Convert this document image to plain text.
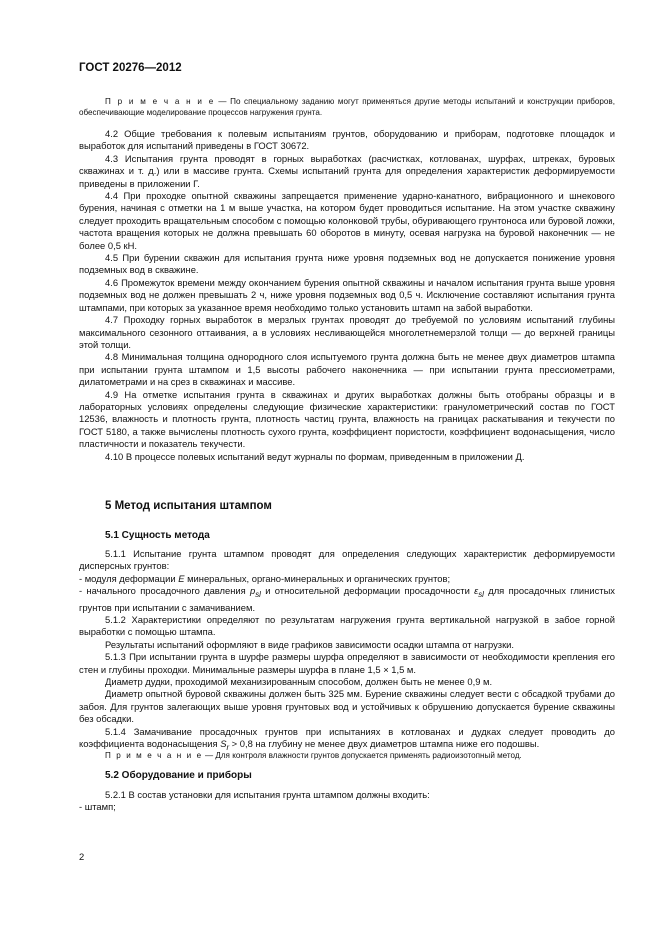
ГОСТ 20276—2012

П р и м е ч а н и е — По специальному заданию могут применяться другие методы испытаний и конструкции приборов, обеспечивающие моделирование процессов нагружения грунта.

4.2 Общие требования к полевым испытаниям грунтов, оборудованию и приборам, подготовке площадок и выработок для испытаний приведены в ГОСТ 30672.

4.3 Испытания грунта проводят в горных выработках (расчистках, котлованах, шурфах, штреках, буровых скважинах и т. д.) или в массиве грунта. Схемы испытаний грунта для определения характеристик деформируемости приведены в приложении Г.

4.4 При проходке опытной скважины запрещается применение ударно-канатного, вибрационного и шнекового бурения, начиная с отметки на 1 м выше участка, на котором будет проводиться испытание. На этом участке скважину следует проходить вращательным способом с помощью колонковой трубы, обуривающего грунтоноса или буровой ложки, частота вращения которых не должна превышать 60 оборотов в минуту, осевая нагрузка на буровой наконечник — не более 0,5 кН.

4.5 При бурении скважин для испытания грунта ниже уровня подземных вод не допускается понижение уровня подземных вод в скважине.

4.6 Промежуток времени между окончанием бурения опытной скважины и началом испытания грунта выше уровня подземных вод не должен превышать 2 ч, ниже уровня подземных вод 0,5 ч. Исключение составляют испытания грунта штампами, при которых за указанное время необходимо только установить штамп на забой выработки.

4.7 Проходку горных выработок в мерзлых грунтах проводят до требуемой по условиям испытаний глубины максимального сезонного оттаивания, а в условиях несливающейся многолетнемерзлой толщи — до верхней границы этой толщи.

4.8 Минимальная толщина однородного слоя испытуемого грунта должна быть не менее двух диаметров штампа при испытании грунта штампом и 1,5 высоты рабочего наконечника — при испытании грунта прессиометрами, дилатометрами и на срез в скважинах и массиве.

4.9 На отметке испытания грунта в скважинах и других выработках должны быть отобраны образцы и в лабораторных условиях определены следующие физические характеристики: гранулометрический состав по ГОСТ 12536, влажность и плотность грунта, плотность частиц грунта, влажность на границах раскатывания и текучести по ГОСТ 5180, а также вычислены плотность сухого грунта, коэффициент пористости, коэффициент водонасыщения, число пластичности и показатель текучести.

4.10 В процессе полевых испытаний ведут журналы по формам, приведенным в приложении Д.

5 Метод испытания штампом

5.1 Сущность метода

5.1.1 Испытание грунта штампом проводят для определения следующих характеристик деформируемости дисперсных грунтов:

- модуля деформации E минеральных, органо-минеральных и органических грунтов;

- начального просадочного давления $p_{sl}$ и относительной деформации просадочности $\varepsilon_{sl}$ для просадочных глинистых грунтов при испытании с замачиванием.

5.1.2 Характеристики определяют по результатам нагружения грунта вертикальной нагрузкой в забое горной выработки с помощью штампа.

Результаты испытаний оформляют в виде графиков зависимости осадки штампа от нагрузки.

5.1.3 При испытании грунта в шурфе размеры шурфа определяют в зависимости от необходимости крепления его стен и глубины проходки. Минимальные размеры шурфа в плане 1,5 × 1,5 м.

Диаметр дудки, проходимой механизированным способом, должен быть не менее 0,9 м.

Диаметр опытной буровой скважины должен быть 325 мм. Бурение скважины следует вести с обсадкой трубами до забоя. Для грунтов залегающих выше уровня грунтовых вод и устойчивых к обрушению допускается бурение скважины без обсадки.

5.1.4 Замачивание просадочных грунтов при испытаниях в котлованах и дудках следует проводить до коэффициента водонасыщения $S_r > 0,8$ на глубину не менее двух диаметров штампа ниже его подошвы.

П р и м е ч а н и е — Для контроля влажности грунтов допускается применять радиоизотопный метод.

5.2 Оборудование и приборы

5.2.1 В состав установки для испытания грунта штампом должны входить:

- штамп;

2
